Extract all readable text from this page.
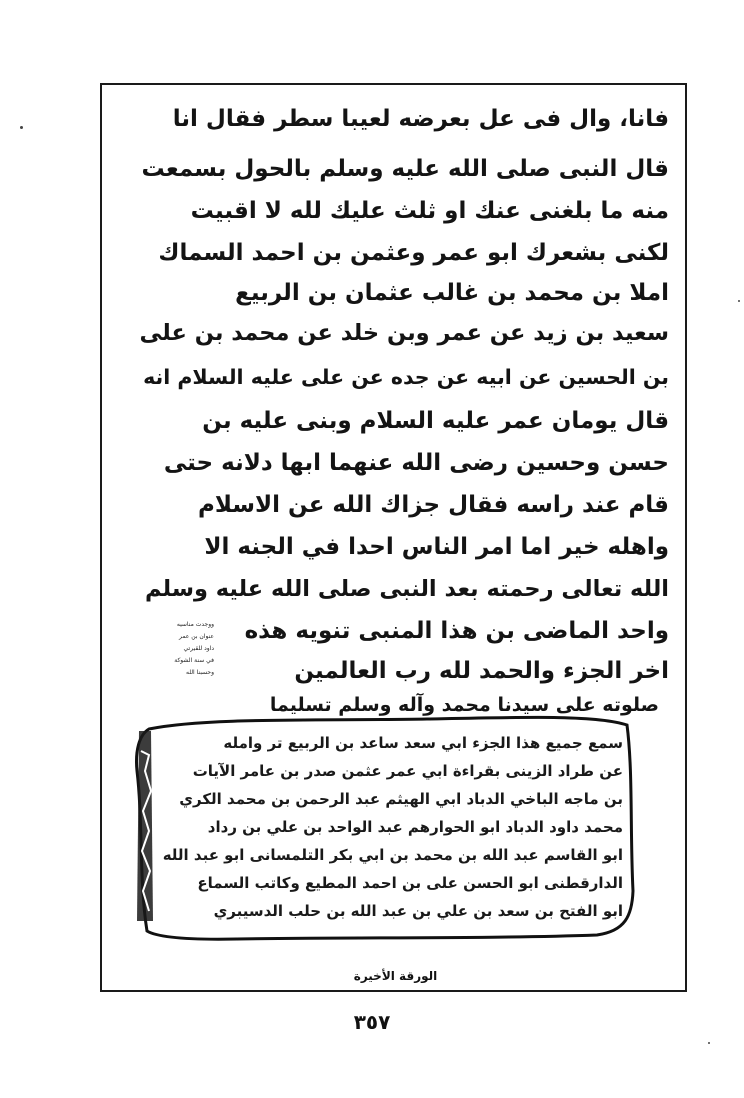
فانا، وال فى عل بعرضه لعيبا سطر فقال انا
قال النبى صلى الله عليه وسلم بالحول بسمعت
منه ما بلغنى عنك او ثلث عليك لله لا اقبيت
لكنى بشعرك ابو عمر وعثمن بن احمد السماك
املا بن محمد بن غالب عثمان بن الربيع
سعيد بن زيد عن عمر وبن خلد عن محمد بن على
بن الحسين عن ابيه عن جده عن على عليه السلام انه
قال يومان عمر عليه السلام وبنى عليه بن
حسن وحسين رضى الله عنهما ابها دلانه حتى
قام عند راسه فقال جزاك الله عن الاسلام
واهله خير اما امر الناس احدا في الجنه الا
الله تعالى رحمته بعد النبى صلى الله عليه وسلم
واحد الماضى بن هذا المنبى تنويه هذه
اخر الجزء والحمد لله رب العالمين
صلوته على سيدنا محمد وآله وسلم تسليما
ووجدت مناسيه
عنوان بن عمر
داود للقيرتي
في سنة الشوكة
وحسبنا الله
سمع جميع هذا الجزء ابي سعد ساعد بن الربيع تر وامله
عن طراد الزينى بقراءة ابي عمر عثمن صدر بن عامر الآيات
بن ماجه الباخي الدباد ابي الهيثم عبد الرحمن بن محمد الكري
محمد داود الدباد ابو الحوارهم عبد الواحد بن علي بن رداد
ابو القاسم عبد الله بن محمد بن ابي بكر التلمسانى ابو عبد الله
الدارقطنى ابو الحسن على بن احمد المطيع وكاتب السماع
ابو الفتح بن سعد بن علي بن عبد الله بن حلب الدسيبري
الورقة الأخيرة
٣٥٧
